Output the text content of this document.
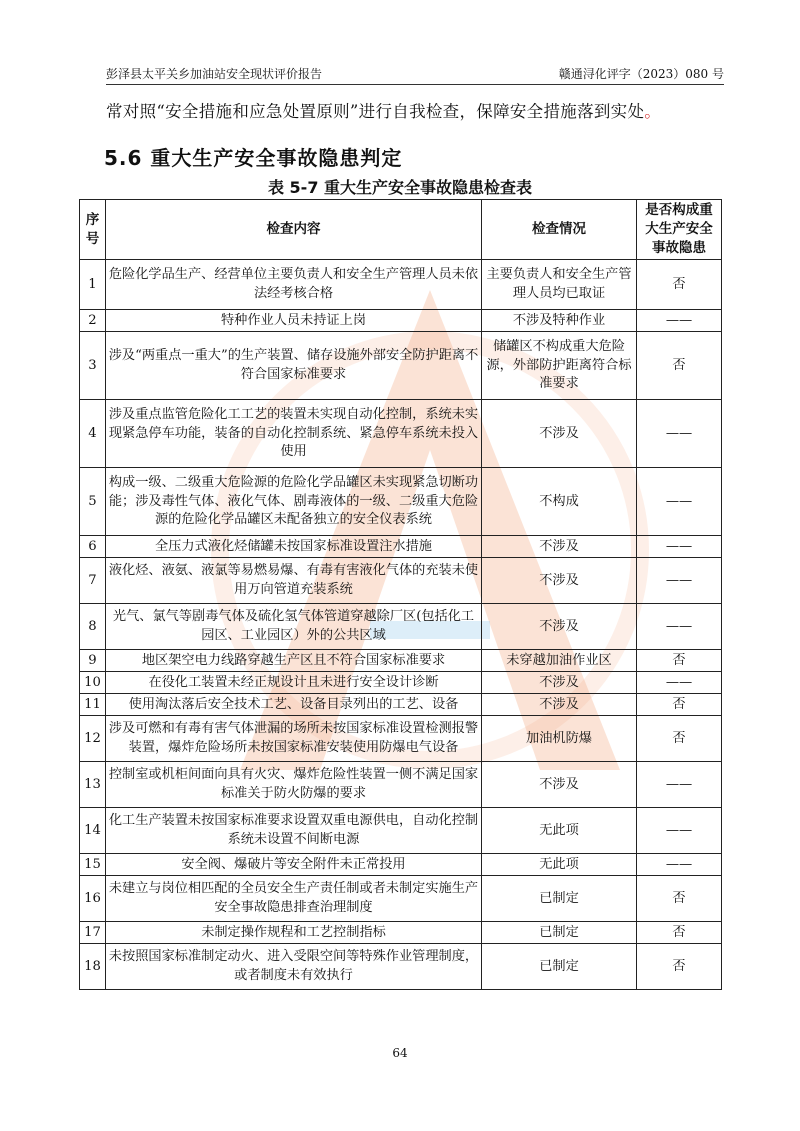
彭泽县太平关乡加油站安全现状评价报告	赣通浔化评字（2023）080 号
常对照“安全措施和应急处置原则”进行自我检查，保障安全措施落到实处。
5.6 重大生产安全事故隐患判定
表 5-7 重大生产安全事故隐患检查表
序号	检查内容	检查情况	是否构成重大生产安全事故隐患
1	危险化学品生产、经营单位主要负责人和安全生产管理人员未依法经考核合格	主要负责人和安全生产管理人员均已取证	否
2	特种作业人员未持证上岗	不涉及特种作业	——
3	涉及“两重点一重大”的生产装置、储存设施外部安全防护距离不符合国家标准要求	储罐区不构成重大危险源，外部防护距离符合标准要求	否
4	涉及重点监管危险化工工艺的装置未实现自动化控制，系统未实现紧急停车功能，装备的自动化控制系统、紧急停车系统未投入使用	不涉及	——
5	构成一级、二级重大危险源的危险化学品罐区未实现紧急切断功能；涉及毒性气体、液化气体、剧毒液体的一级、二级重大危险源的危险化学品罐区未配备独立的安全仪表系统	不构成	——
6	全压力式液化烃储罐未按国家标准设置注水措施	不涉及	——
7	液化烃、液氨、液氯等易燃易爆、有毒有害液化气体的充装未使用万向管道充装系统	不涉及	——
8	光气、氯气等剧毒气体及硫化氢气体管道穿越除厂区(包括化工园区、工业园区）外的公共区域	不涉及	——
9	地区架空电力线路穿越生产区且不符合国家标准要求	未穿越加油作业区	否
10	在役化工装置未经正规设计且未进行安全设计诊断	不涉及	——
11	使用淘汰落后安全技术工艺、设备目录列出的工艺、设备	不涉及	否
12	涉及可燃和有毒有害气体泄漏的场所未按国家标准设置检测报警装置，爆炸危险场所未按国家标准安装使用防爆电气设备	加油机防爆	否
13	控制室或机柜间面向具有火灾、爆炸危险性装置一侧不满足国家标准关于防火防爆的要求	不涉及	——
14	化工生产装置未按国家标准要求设置双重电源供电，自动化控制系统未设置不间断电源	无此项	——
15	安全阀、爆破片等安全附件未正常投用	无此项	——
16	未建立与岗位相匹配的全员安全生产责任制或者未制定实施生产安全事故隐患排查治理制度	已制定	否
17	未制定操作规程和工艺控制指标	已制定	否
18	未按照国家标准制定动火、进入受限空间等特殊作业管理制度，或者制度未有效执行	已制定	否
64
